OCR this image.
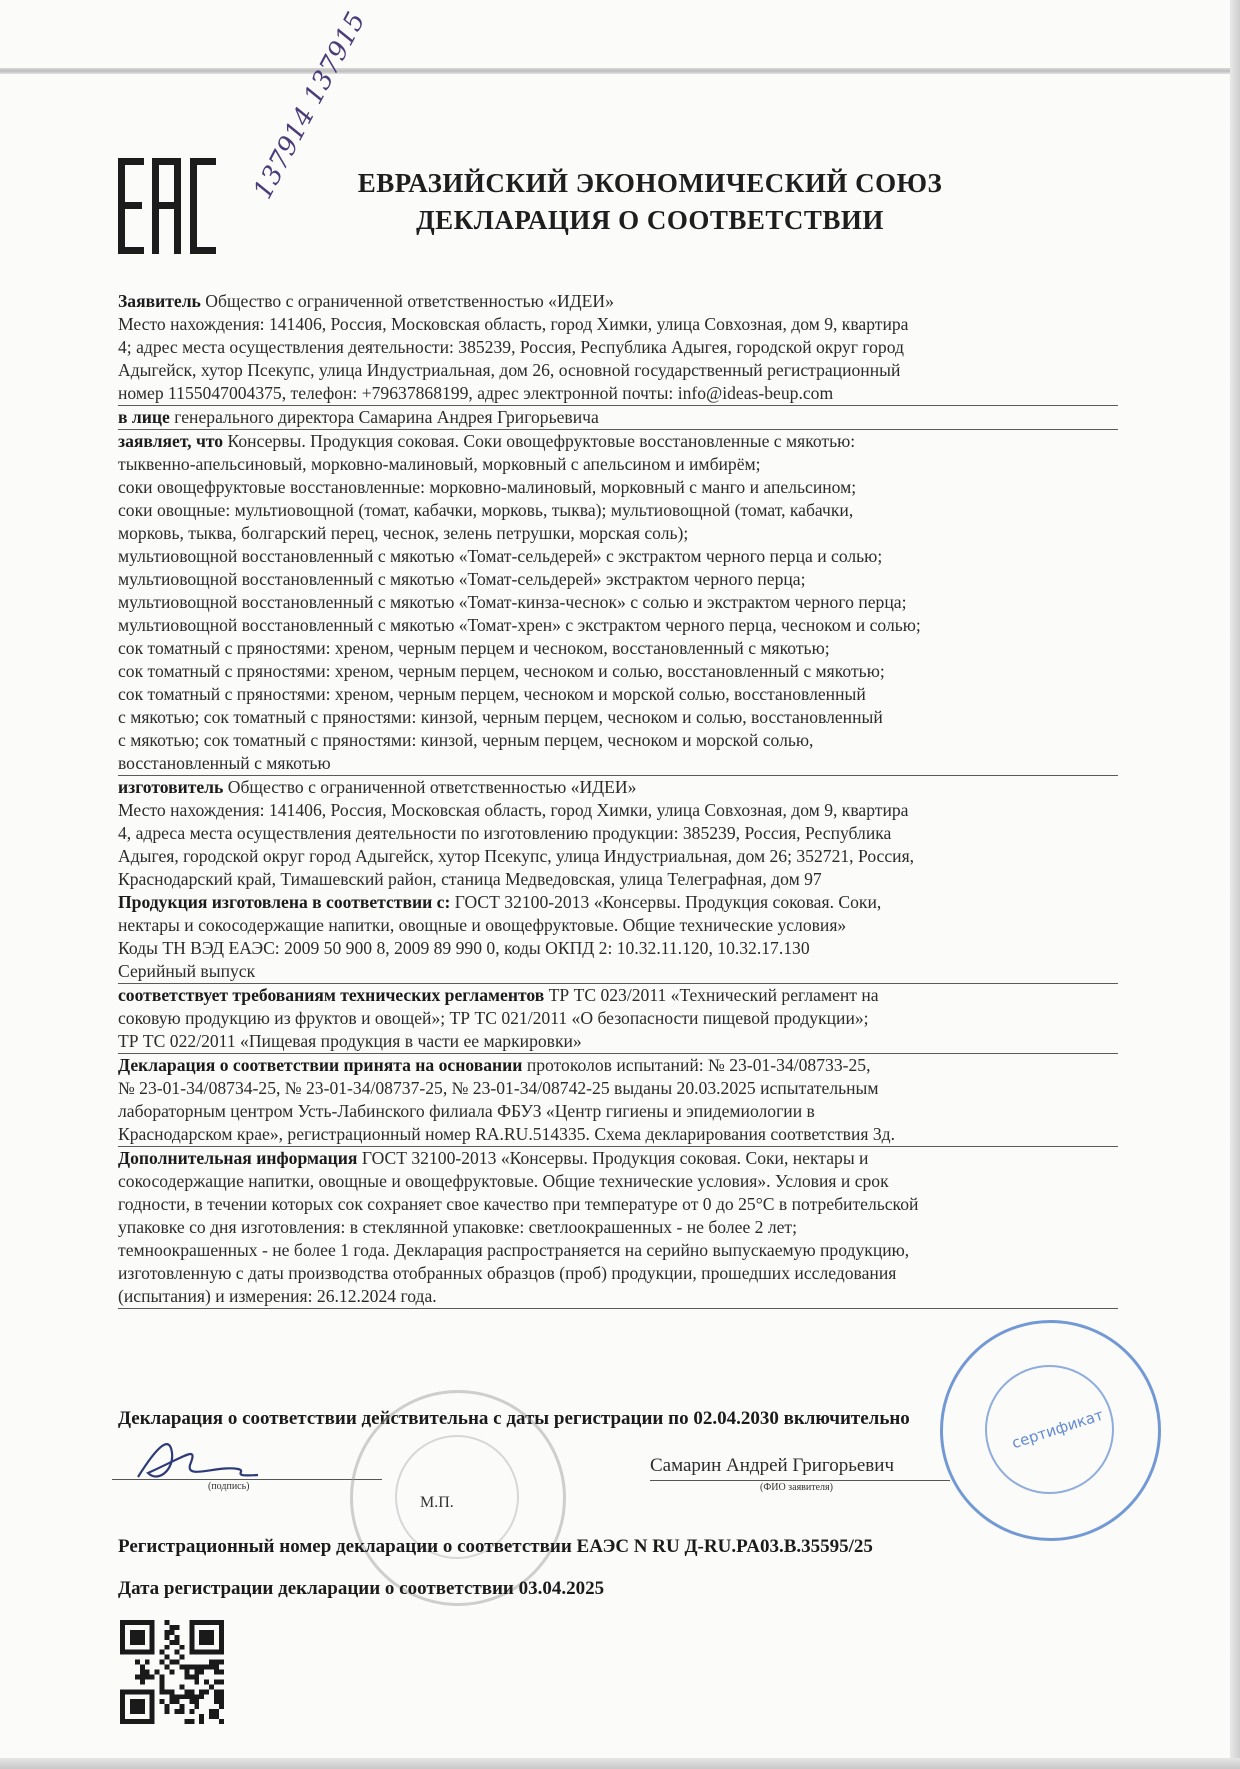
137914 137915
ЕВРАЗИЙСКИЙ ЭКОНОМИЧЕСКИЙ СОЮЗ
ДЕКЛАРАЦИЯ О СООТВЕТСТВИИ
Заявитель Общество с ограниченной ответственностью «ИДЕИ»
Место нахождения: 141406, Россия, Московская область, город Химки, улица Совхозная, дом 9, квартира
4; адрес места осуществления деятельности: 385239, Россия, Республика Адыгея, городской округ город
Адыгейск, хутор Псекупс, улица Индустриальная, дом 26, основной государственный регистрационный
номер 1155047004375, телефон: +79637868199, адрес электронной почты: info@ideas-beup.com
в лице генерального директора Самарина Андрея Григорьевича
заявляет, что Консервы. Продукция соковая. Соки овощефруктовые восстановленные с мякотью:
тыквенно-апельсиновый, морковно-малиновый, морковный с апельсином и имбирём;
соки овощефруктовые восстановленные: морковно-малиновый, морковный с манго и апельсином;
соки овощные: мультиовощной (томат, кабачки, морковь, тыква); мультиовощной (томат, кабачки,
морковь, тыква, болгарский перец, чеснок, зелень петрушки, морская соль);
мультиовощной восстановленный с мякотью «Томат-сельдерей» с экстрактом черного перца и солью;
мультиовощной восстановленный с мякотью «Томат-сельдерей» экстрактом черного перца;
мультиовощной восстановленный с мякотью «Томат-кинза-чеснок» с солью и экстрактом черного перца;
мультиовощной восстановленный с мякотью «Томат-хрен» с экстрактом черного перца, чесноком и солью;
сок томатный с пряностями: хреном, черным перцем и чесноком, восстановленный с мякотью;
сок томатный с пряностями: хреном, черным перцем, чесноком и солью, восстановленный с мякотью;
сок томатный с пряностями: хреном, черным перцем, чесноком и морской солью, восстановленный
с мякотью; сок томатный с пряностями: кинзой, черным перцем, чесноком и солью, восстановленный
с мякотью; сок томатный с пряностями: кинзой, черным перцем, чесноком и морской солью,
восстановленный с мякотью
изготовитель Общество с ограниченной ответственностью «ИДЕИ»
Место нахождения: 141406, Россия, Московская область, город Химки, улица Совхозная, дом 9, квартира
4, адреса места осуществления деятельности по изготовлению продукции: 385239, Россия, Республика
Адыгея, городской округ город Адыгейск, хутор Псекупс, улица Индустриальная, дом 26; 352721, Россия,
Краснодарский край, Тимашевский район, станица Медведовская, улица Телеграфная, дом 97
Продукция изготовлена в соответствии с: ГОСТ 32100-2013 «Консервы. Продукция соковая. Соки,
нектары и сокосодержащие напитки, овощные и овощефруктовые. Общие технические условия»
Коды ТН ВЭД ЕАЭС: 2009 50 900 8, 2009 89 990 0, коды ОКПД 2: 10.32.11.120, 10.32.17.130
Серийный выпуск
соответствует требованиям технических регламентов ТР ТС 023/2011 «Технический регламент на
соковую продукцию из фруктов и овощей»; ТР ТС 021/2011 «О безопасности пищевой продукции»;
ТР ТС 022/2011 «Пищевая продукция в части ее маркировки»
Декларация о соответствии принята на основании протоколов испытаний: № 23-01-34/08733-25,
№ 23-01-34/08734-25, № 23-01-34/08737-25, № 23-01-34/08742-25 выданы 20.03.2025 испытательным
лабораторным центром Усть-Лабинского филиала ФБУЗ «Центр гигиены и эпидемиологии в
Краснодарском крае», регистрационный номер RA.RU.514335. Схема декларирования соответствия 3д.
Дополнительная информация ГОСТ 32100-2013 «Консервы. Продукция соковая. Соки, нектары и
сокосодержащие напитки, овощные и овощефруктовые. Общие технические условия». Условия и срок
годности, в течении которых сок сохраняет свое качество при температуре от 0 до 25°С в потребительской
упаковке со дня изготовления: в стеклянной упаковке: светлоокрашенных - не более 2 лет;
темноокрашенных - не более 1 года. Декларация распространяется на серийно выпускаемую продукцию,
изготовленную с даты производства отобранных образцов (проб) продукции, прошедших исследования
(испытания) и измерения: 26.12.2024 года.
Декларация о соответствии действительна с даты регистрации по 02.04.2030 включительно
(подпись)
М.П.
Самарин Андрей Григорьевич
(ФИО заявителя)
сертификат
Регистрационный номер декларации о соответствии ЕАЭС N RU Д-RU.PA03.B.35595/25
Дата регистрации декларации о соответствии 03.04.2025
